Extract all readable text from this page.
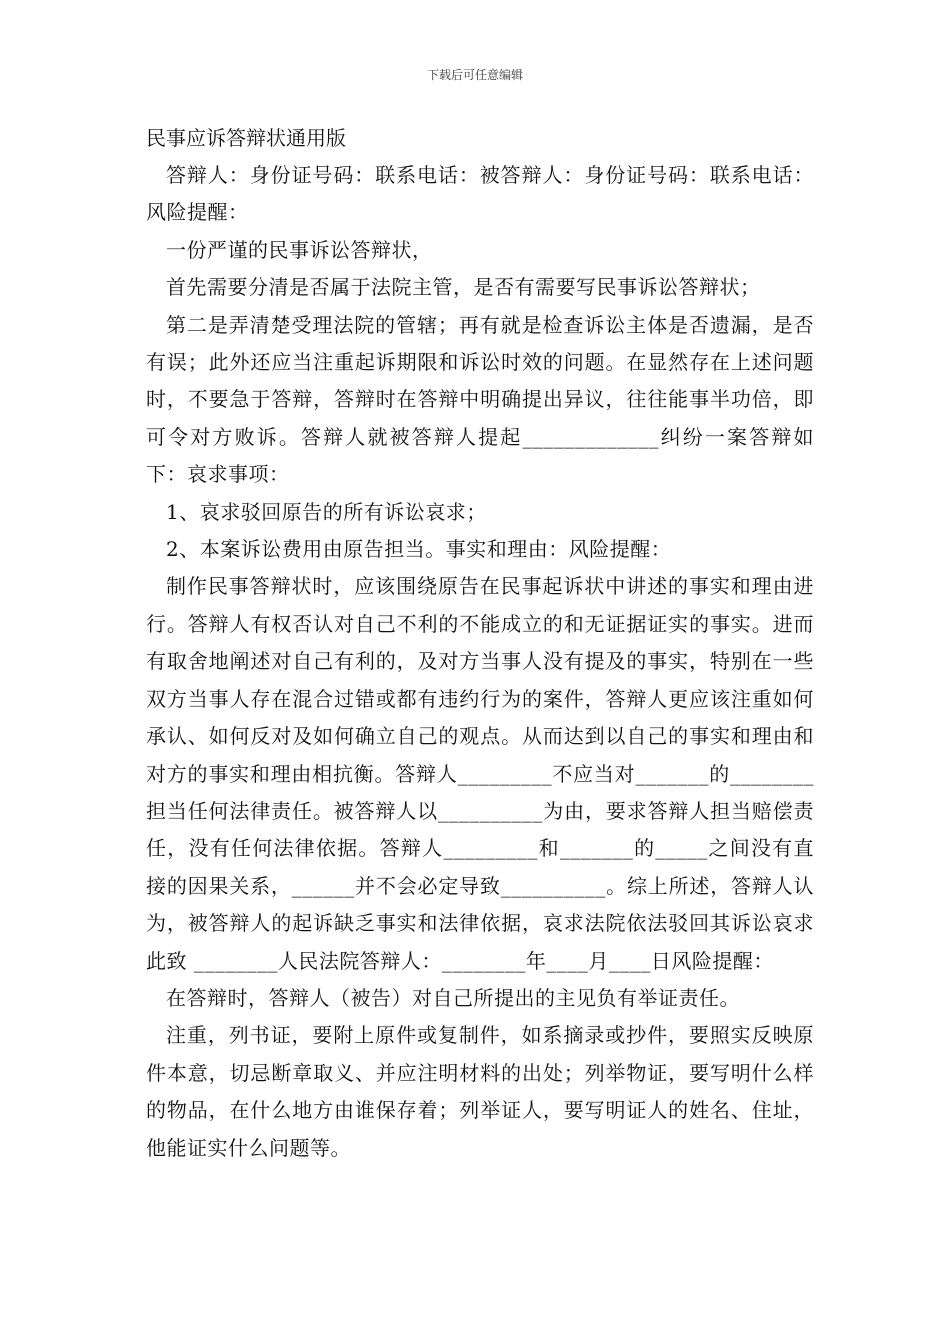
下载后可任意编辑

民事应诉答辩状通用版

答辩人：身份证号码：联系电话：被答辩人：身份证号码：联系电话：风险提醒：

一份严谨的民事诉讼答辩状，

首先需要分清是否属于法院主管，是否有需要写民事诉讼答辩状；

第二是弄清楚受理法院的管辖；再有就是检查诉讼主体是否遗漏，是否有误；此外还应当注重起诉期限和诉讼时效的问题。在显然存在上述问题时，不要急于答辩，答辩时在答辩中明确提出异议，往往能事半功倍，即可令对方败诉。答辩人就被答辩人提起_____________纠纷一案答辩如下：哀求事项：

1、哀求驳回原告的所有诉讼哀求；

2、本案诉讼费用由原告担当。事实和理由：风险提醒：

制作民事答辩状时，应该围绕原告在民事起诉状中讲述的事实和理由进行。答辩人有权否认对自己不利的不能成立的和无证据证实的事实。进而有取舍地阐述对自己有利的，及对方当事人没有提及的事实，特别在一些双方当事人存在混合过错或都有违约行为的案件，答辩人更应该注重如何承认、如何反对及如何确立自己的观点。从而达到以自己的事实和理由和对方的事实和理由相抗衡。答辩人_________不应当对_______的________担当任何法律责任。被答辩人以__________为由，要求答辩人担当赔偿责任，没有任何法律依据。答辩人_________和_______的_____之间没有直接的因果关系，______并不会必定导致__________。综上所述，答辩人认为，被答辩人的起诉缺乏事实和法律依据，哀求法院依法驳回其诉讼哀求此致 ________人民法院答辩人：________年____月____日风险提醒：

在答辩时，答辩人（被告）对自己所提出的主见负有举证责任。

注重，列书证，要附上原件或复制件，如系摘录或抄件，要照实反映原件本意，切忌断章取义、并应注明材料的出处；列举物证，要写明什么样的物品，在什么地方由谁保存着；列举证人，要写明证人的姓名、住址，他能证实什么问题等。
